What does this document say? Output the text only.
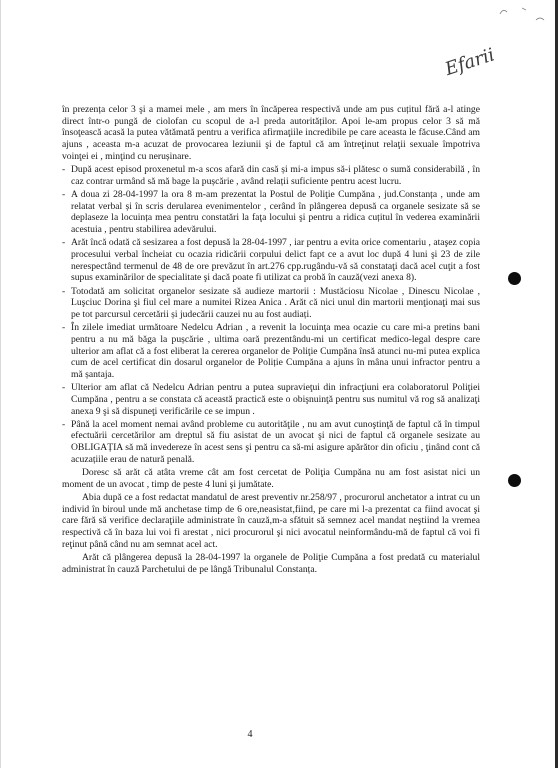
Efarii

în prezența celor 3 şi a mamei mele , am mers în încăperea respectivă unde am pus cuțitul fără a-l atinge direct într-o pungă de ciolofan cu scopul de a-l preda autorităților. Apoi le-am propus celor 3 să mă însoţească acasă la putea vătămată pentru a verifica afirmaţiile incredibile pe care aceasta le făcuse.Când am ajuns , aceasta m-a acuzat de provocarea leziunii şi de faptul că am întreţinut relaţii sexuale împotriva voinţei ei , minţind cu nerușinare.

- După acest episod proxenetul m-a scos afară din casă și mi-a impus să-i plătesc o sumă considerabilă , în caz contrar urmând să mă bage la pușcărie , având relații suficiente pentru acest lucru.

- A doua zi 28-04-1997 la ora 8 m-am prezentat la Postul de Poliţie Cumpăna , jud.Constanța , unde am relatat verbal și în scris derularea evenimentelor , cerând în plângerea depusă ca organele sesizate să se deplaseze la locuința mea pentru constatări la faţa locului şi pentru a ridica cuțitul în vederea examinării acestuia , pentru stabilirea adevărului.

- Arăt încă odată că sesizarea a fost depusă la 28-04-1997 , iar pentru a evita orice comentariu , ataşez copia procesului verbal încheiat cu ocazia ridicării corpului delict fapt ce a avut loc după 4 luni şi 23 de zile nerespectând termenul de 48 de ore prevăzut în art.276 cpp.rugându-vă să constataţi dacă acel cuţit a fost supus examinărilor de specialitate şi dacă poate fi utilizat ca probă în cauză(vezi anexa 8).

- Totodată am solicitat organelor sesizate să audieze martorii : Mustăciosu Nicolae , Dinescu Nicolae , Luşciuc Dorina şi fiul cel mare a numitei Rizea Anica . Arăt că nici unul din martorii menţionaţi mai sus pe tot parcursul cercetării și judecării cauzei nu au fost audiați.

- În zilele imediat următoare Nedelcu Adrian , a revenit la locuinţa mea ocazie cu care mi-a pretins bani pentru a nu mă băga la pușcărie , ultima oară prezentându-mi un certificat medico-legal despre care ulterior am aflat că a fost eliberat la cererea organelor de Poliţie Cumpăna însă atunci nu-mi putea explica cum de acel certificat din dosarul organelor de Poliție Cumpăna a ajuns în mâna unui infractor pentru a mă șantaja.

- Ulterior am aflat că Nedelcu Adrian pentru a putea supravieţui din infracţiuni era colaboratorul Poliţiei Cumpăna , pentru a se constata că această practică este o obişnuinţă pentru sus numitul vă rog să analizaţi anexa 9 şi să dispuneţi verificările ce se impun .

- Până la acel moment nemai având probleme cu autorităţile , nu am avut cunoştinţă de faptul că în timpul efectuării cercetărilor am dreptul să fiu asistat de un avocat şi nici de faptul că organele sesizate au OBLIGAȚIA să mă invedereze în acest sens şi pentru ca să-mi asigure apărător din oficiu , ţinând cont că acuzațiile erau de natură penală.

Doresc să arăt că atâta vreme cât am fost cercetat de Poliţia Cumpăna nu am fost asistat nici un moment de un avocat , timp de peste 4 luni şi jumătate.

Abia după ce a fost redactat mandatul de arest preventiv nr.258/97 , procurorul anchetator a intrat cu un individ în biroul unde mă anchetase timp de 6 ore,neasistat,fiind, pe care mi l-a prezentat ca fiind avocat şi care fără să verifice declaraţiile administrate în cauză,m-a sfătuit să semnez acel mandat neştiind la vremea respectivă că în baza lui voi fi arestat , nici procurorul şi nici avocatul neinformându-mă de faptul că voi fi reţinut până când nu am semnat acel act.

Arăt că plângerea depusă la 28-04-1997 la organele de Poliţie Cumpăna a fost predată cu materialul administrat în cauză Parchetului de pe lângă Tribunalul Constanța.

4
